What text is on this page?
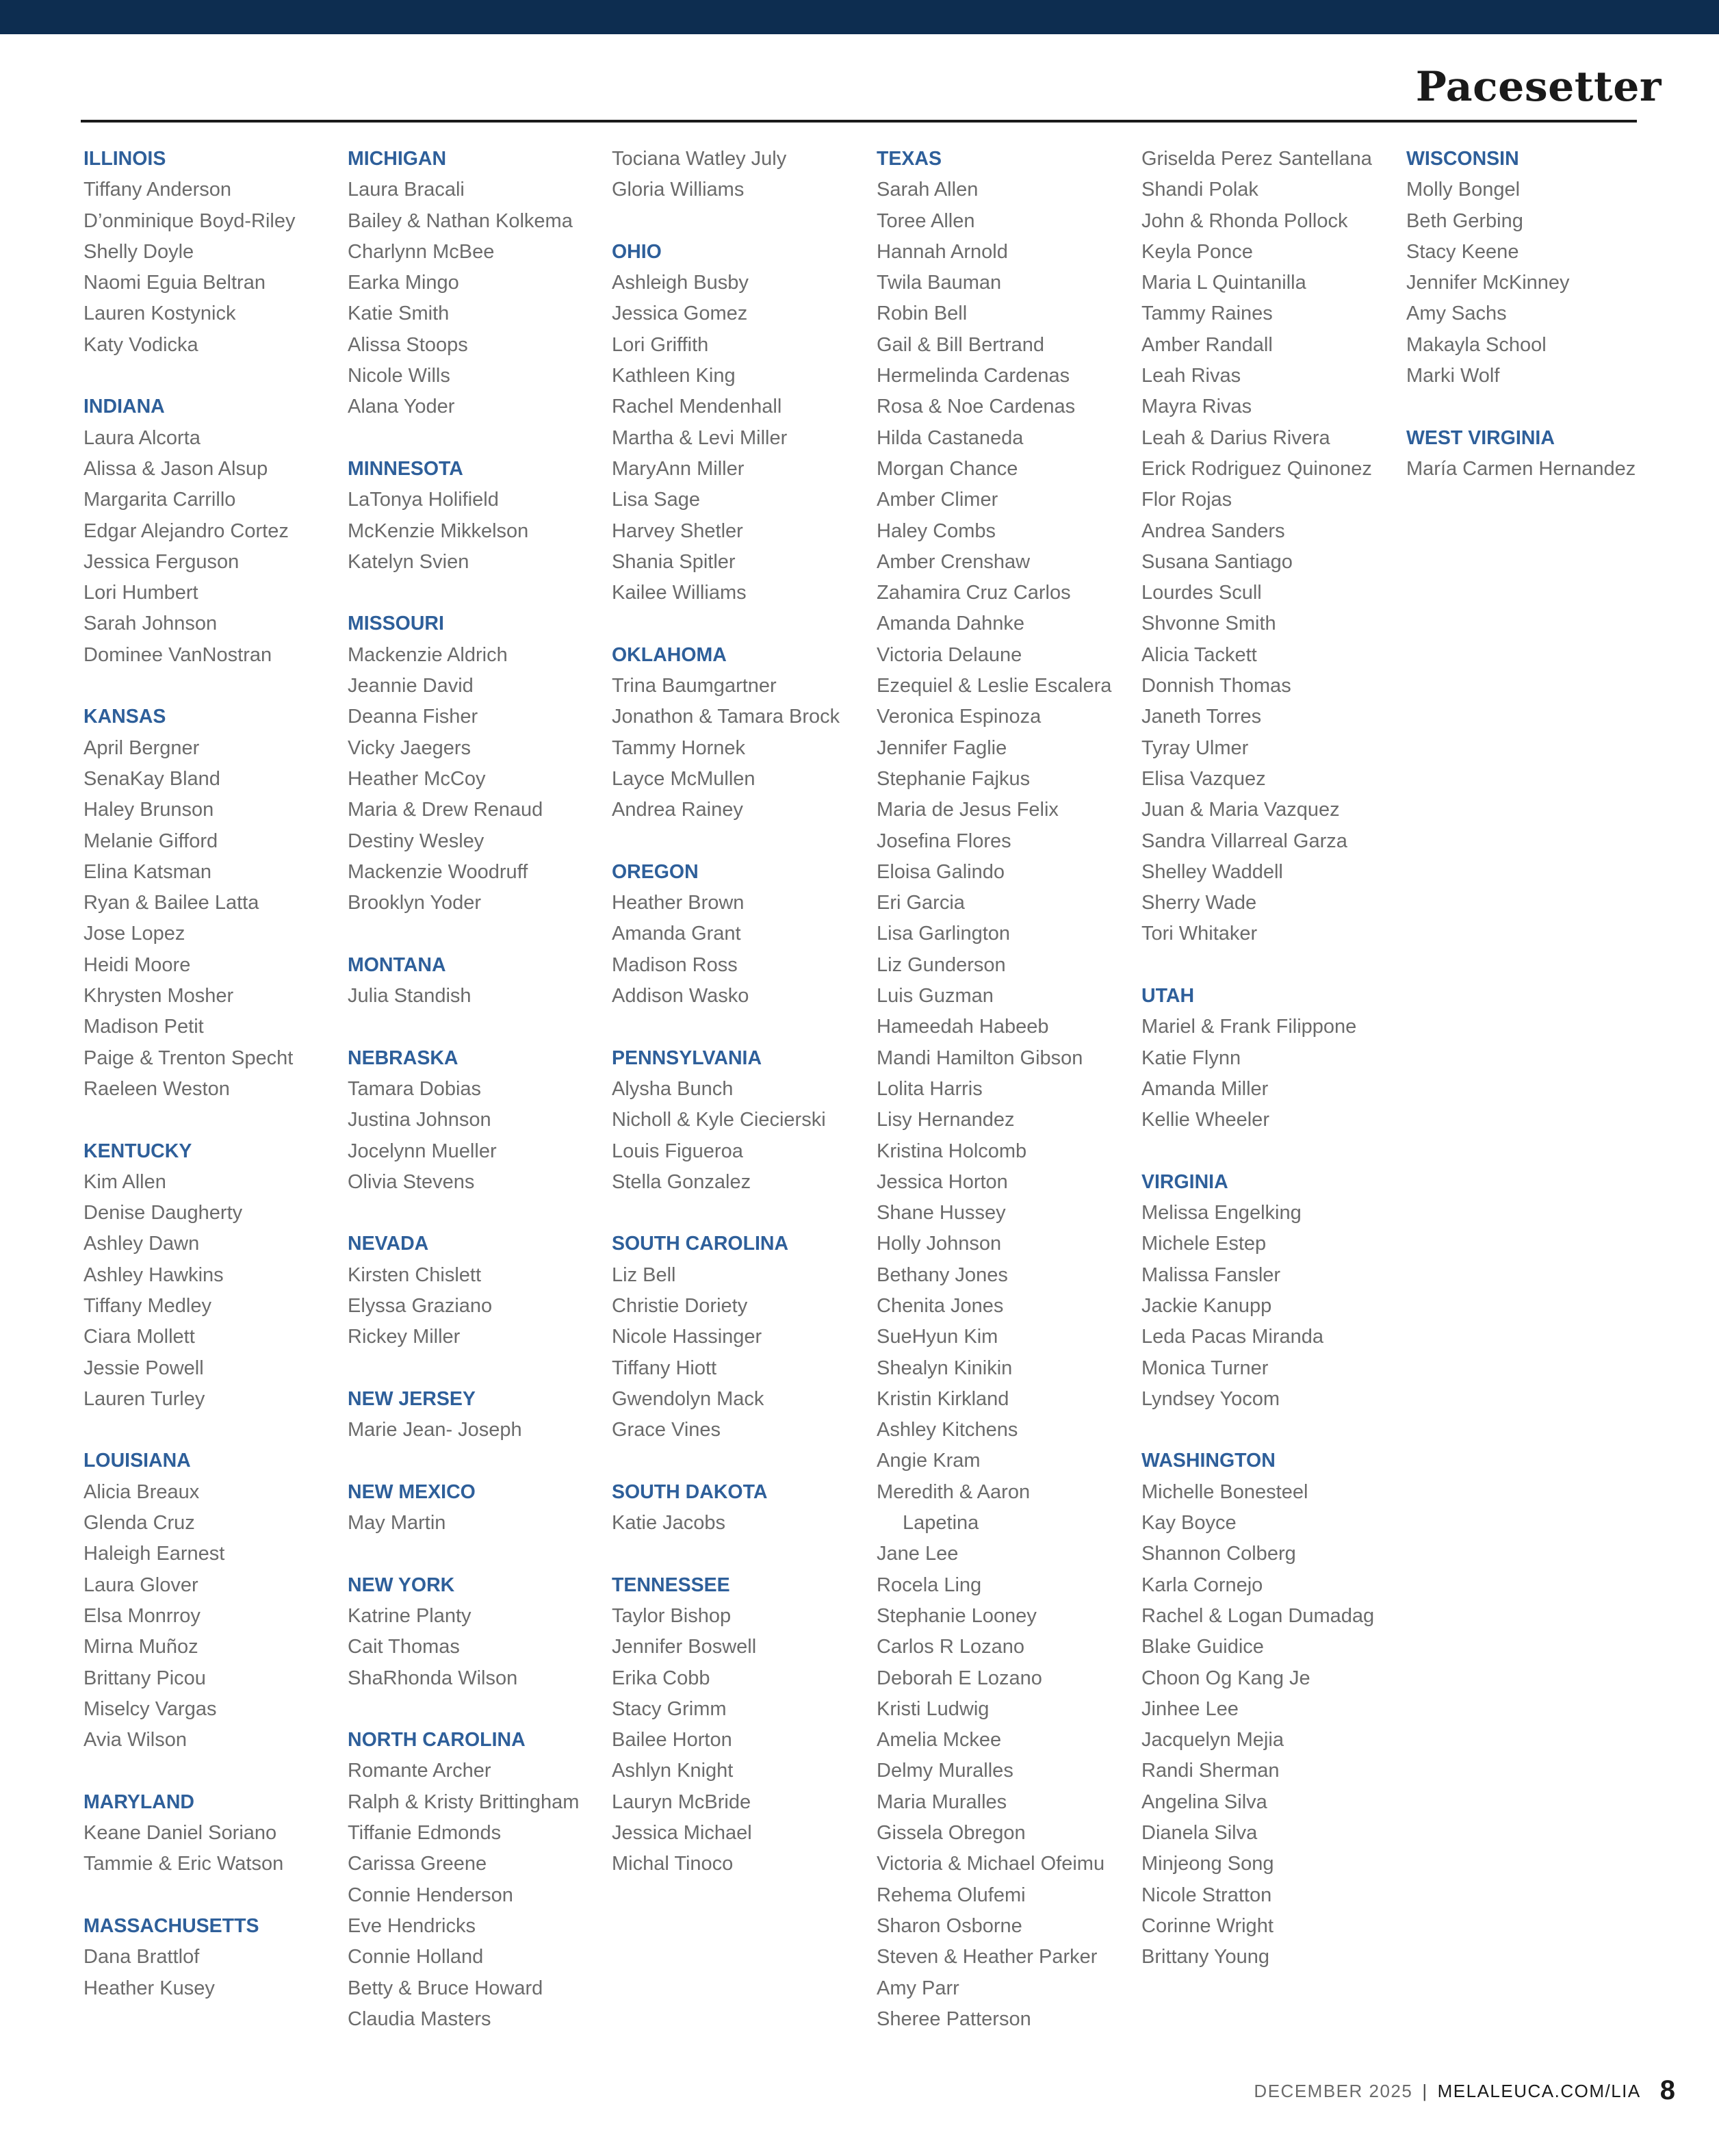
Pacesetter
ILLINOIS
Tiffany Anderson
D’onminique Boyd-Riley
Shelly Doyle
Naomi Eguia Beltran
Lauren Kostynick
Katy Vodicka
INDIANA
Laura Alcorta
Alissa & Jason Alsup
Margarita Carrillo
Edgar Alejandro Cortez
Jessica Ferguson
Lori Humbert
Sarah Johnson
Dominee VanNostran
KANSAS
April Bergner
SenaKay Bland
Haley Brunson
Melanie Gifford
Elina Katsman
Ryan & Bailee Latta
Jose Lopez
Heidi Moore
Khrysten Mosher
Madison Petit
Paige & Trenton Specht
Raeleen Weston
KENTUCKY
Kim Allen
Denise Daugherty
Ashley Dawn
Ashley Hawkins
Tiffany Medley
Ciara Mollett
Jessie Powell
Lauren Turley
LOUISIANA
Alicia Breaux
Glenda Cruz
Haleigh Earnest
Laura Glover
Elsa Monrroy
Mirna Muñoz
Brittany Picou
Miselcy Vargas
Avia Wilson
MARYLAND
Keane Daniel Soriano
Tammie & Eric Watson
MASSACHUSETTS
Dana Brattlof
Heather Kusey
MICHIGAN
Laura Bracali
Bailey & Nathan Kolkema
Charlynn McBee
Earka Mingo
Katie Smith
Alissa Stoops
Nicole Wills
Alana Yoder
MINNESOTA
LaTonya Holifield
McKenzie Mikkelson
Katelyn Svien
MISSOURI
Mackenzie Aldrich
Jeannie David
Deanna Fisher
Vicky Jaegers
Heather McCoy
Maria & Drew Renaud
Destiny Wesley
Mackenzie Woodruff
Brooklyn Yoder
MONTANA
Julia Standish
NEBRASKA
Tamara Dobias
Justina Johnson
Jocelynn Mueller
Olivia Stevens
NEVADA
Kirsten Chislett
Elyssa Graziano
Rickey Miller
NEW JERSEY
Marie Jean- Joseph
NEW MEXICO
May Martin
NEW YORK
Katrine Planty
Cait Thomas
ShaRhonda Wilson
NORTH CAROLINA
Romante Archer
Ralph & Kristy Brittingham
Tiffanie Edmonds
Carissa Greene
Connie Henderson
Eve Hendricks
Connie Holland
Betty & Bruce Howard
Claudia Masters
Tociana Watley July
Gloria Williams
OHIO
Ashleigh Busby
Jessica Gomez
Lori Griffith
Kathleen King
Rachel Mendenhall
Martha & Levi Miller
MaryAnn Miller
Lisa Sage
Harvey Shetler
Shania Spitler
Kailee Williams
OKLAHOMA
Trina Baumgartner
Jonathon & Tamara Brock
Tammy Hornek
Layce McMullen
Andrea Rainey
OREGON
Heather Brown
Amanda Grant
Madison Ross
Addison Wasko
PENNSYLVANIA
Alysha Bunch
Nicholl & Kyle Ciecierski
Louis Figueroa
Stella Gonzalez
SOUTH CAROLINA
Liz Bell
Christie Doriety
Nicole Hassinger
Tiffany Hiott
Gwendolyn Mack
Grace Vines
SOUTH DAKOTA
Katie Jacobs
TENNESSEE
Taylor Bishop
Jennifer Boswell
Erika Cobb
Stacy Grimm
Bailee Horton
Ashlyn Knight
Lauryn McBride
Jessica Michael
Michal Tinoco
TEXAS
Sarah Allen
Toree Allen
Hannah Arnold
Twila Bauman
Robin Bell
Gail & Bill Bertrand
Hermelinda Cardenas
Rosa & Noe Cardenas
Hilda Castaneda
Morgan Chance
Amber Climer
Haley Combs
Amber Crenshaw
Zahamira Cruz Carlos
Amanda Dahnke
Victoria Delaune
Ezequiel & Leslie Escalera
Veronica Espinoza
Jennifer Faglie
Stephanie Fajkus
Maria de Jesus Felix
Josefina Flores
Eloisa Galindo
Eri Garcia
Lisa Garlington
Liz Gunderson
Luis Guzman
Hameedah Habeeb
Mandi Hamilton Gibson
Lolita Harris
Lisy Hernandez
Kristina Holcomb
Jessica Horton
Shane Hussey
Holly Johnson
Bethany Jones
Chenita Jones
SueHyun Kim
Shealyn Kinikin
Kristin Kirkland
Ashley Kitchens
Angie Kram
Meredith & Aaron
Lapetina
Jane Lee
Rocela Ling
Stephanie Looney
Carlos R Lozano
Deborah E Lozano
Kristi Ludwig
Amelia Mckee
Delmy Muralles
Maria Muralles
Gissela Obregon
Victoria & Michael Ofeimu
Rehema Olufemi
Sharon Osborne
Steven & Heather Parker
Amy Parr
Sheree Patterson
Griselda Perez Santellana
Shandi Polak
John & Rhonda Pollock
Keyla Ponce
Maria L Quintanilla
Tammy Raines
Amber Randall
Leah Rivas
Mayra Rivas
Leah & Darius Rivera
Erick Rodriguez Quinonez
Flor Rojas
Andrea Sanders
Susana Santiago
Lourdes Scull
Shvonne Smith
Alicia Tackett
Donnish Thomas
Janeth Torres
Tyray Ulmer
Elisa Vazquez
Juan & Maria Vazquez
Sandra Villarreal Garza
Shelley Waddell
Sherry Wade
Tori Whitaker
UTAH
Mariel & Frank Filippone
Katie Flynn
Amanda Miller
Kellie Wheeler
VIRGINIA
Melissa Engelking
Michele Estep
Malissa Fansler
Jackie Kanupp
Leda Pacas Miranda
Monica Turner
Lyndsey Yocom
WASHINGTON
Michelle Bonesteel
Kay Boyce
Shannon Colberg
Karla Cornejo
Rachel & Logan Dumadag
Blake Guidice
Choon Og Kang Je
Jinhee Lee
Jacquelyn Mejia
Randi Sherman
Angelina Silva
Dianela Silva
Minjeong Song
Nicole Stratton
Corinne Wright
Brittany Young
WISCONSIN
Molly Bongel
Beth Gerbing
Stacy Keene
Jennifer McKinney
Amy Sachs
Makayla School
Marki Wolf
WEST VIRGINIA
María Carmen Hernandez
DECEMBER 2025 | MELALEUCA.COM/LIA 8
